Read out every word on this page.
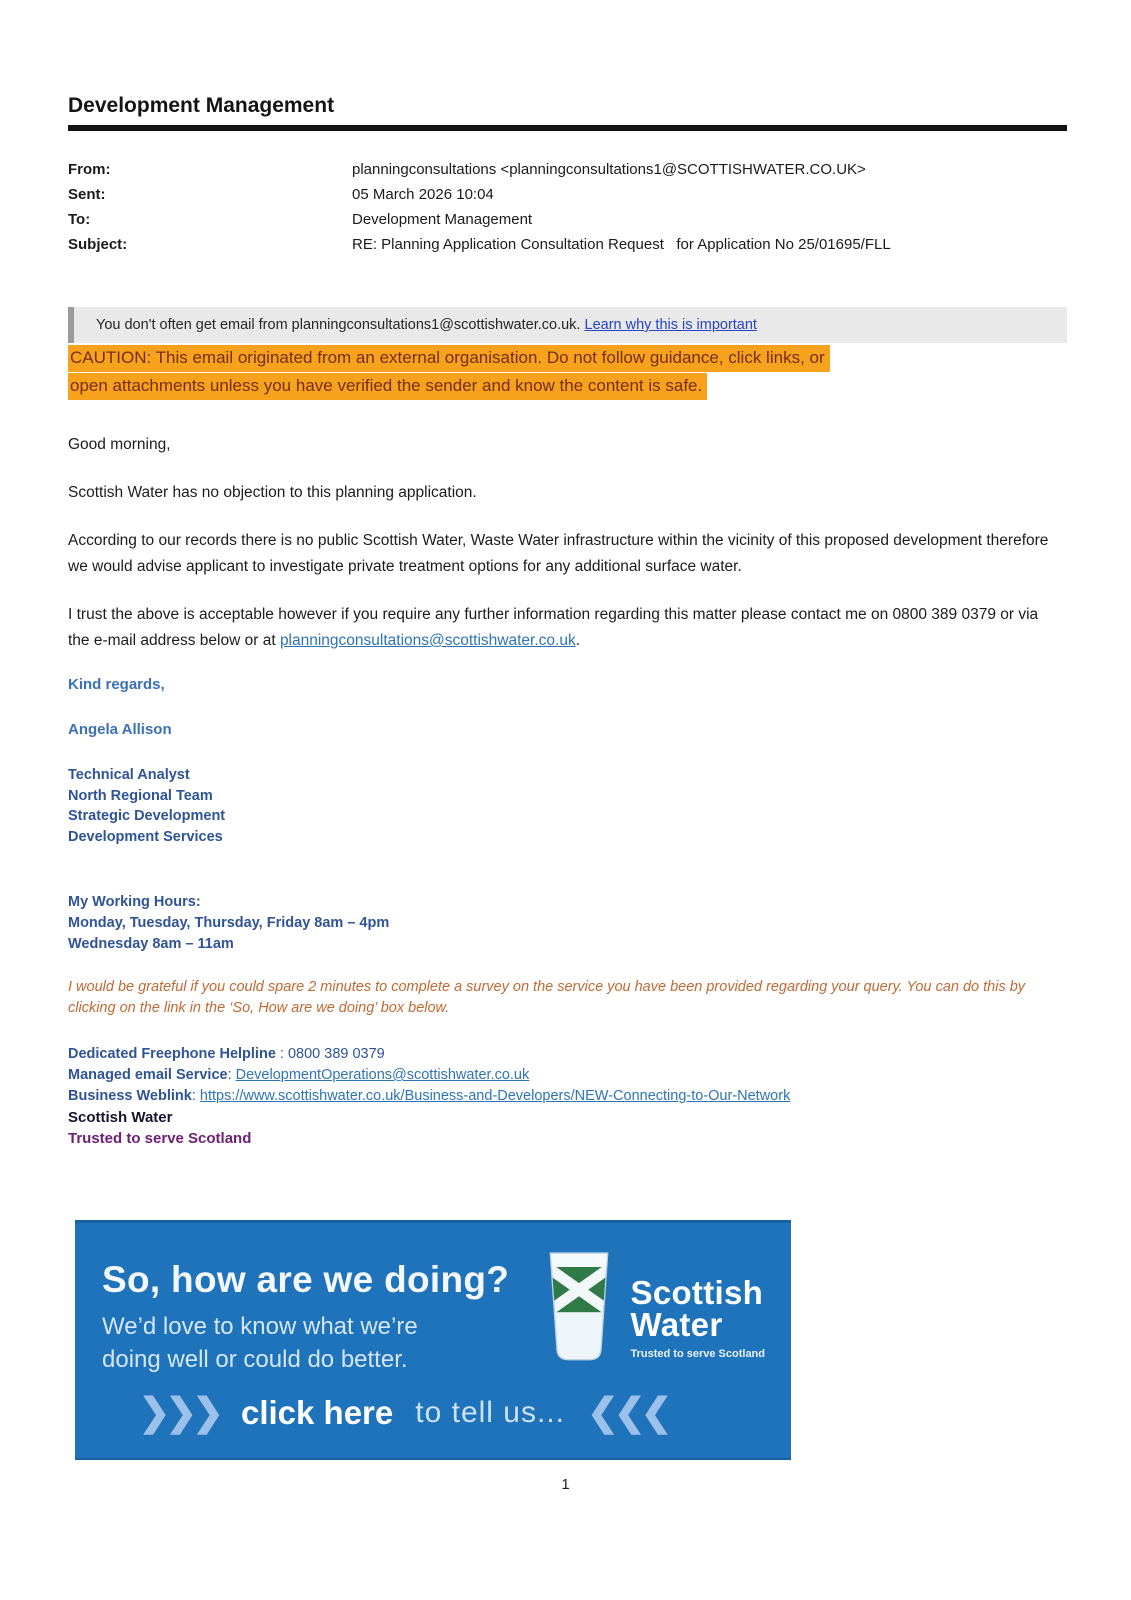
Development Management
From:	planningconsultations <planningconsultations1@SCOTTISHWATER.CO.UK>
Sent:	05 March 2026 10:04
To:	Development Management
Subject:	RE: Planning Application Consultation Request   for Application No 25/01695/FLL
You don't often get email from planningconsultations1@scottishwater.co.uk. Learn why this is important
CAUTION: This email originated from an external organisation. Do not follow guidance, click links, or
open attachments unless you have verified the sender and know the content is safe.

Good morning,

Scottish Water has no objection to this planning application.

According to our records there is no public Scottish Water, Waste Water infrastructure within the vicinity of this proposed development therefore we would advise applicant to investigate private treatment options for any additional surface water.

I trust the above is acceptable however if you require any further information regarding this matter please contact me on 0800 389 0379 or via the e-mail address below or at planningconsultations@scottishwater.co.uk.

Kind regards,
Angela Allison
Technical Analyst
North Regional Team
Strategic Development
Development Services
My Working Hours:
Monday, Tuesday, Thursday, Friday 8am – 4pm
Wednesday 8am – 11am
I would be grateful if you could spare 2 minutes to complete a survey on the service you have been provided regarding your query. You can do this by clicking on the link in the ‘So, How are we doing’ box below.
Dedicated Freephone Helpline : 0800 389 0379
Managed email Service: DevelopmentOperations@scottishwater.co.uk
Business Weblink: https://www.scottishwater.co.uk/Business-and-Developers/NEW-Connecting-to-Our-Network
Scottish Water
Trusted to serve Scotland
So, how are we doing?
We’d love to know what we’re
doing well or could do better.
Scottish
Water
Trusted to serve Scotland
❯❯❯ click here to tell us... ❮❮❮
1
